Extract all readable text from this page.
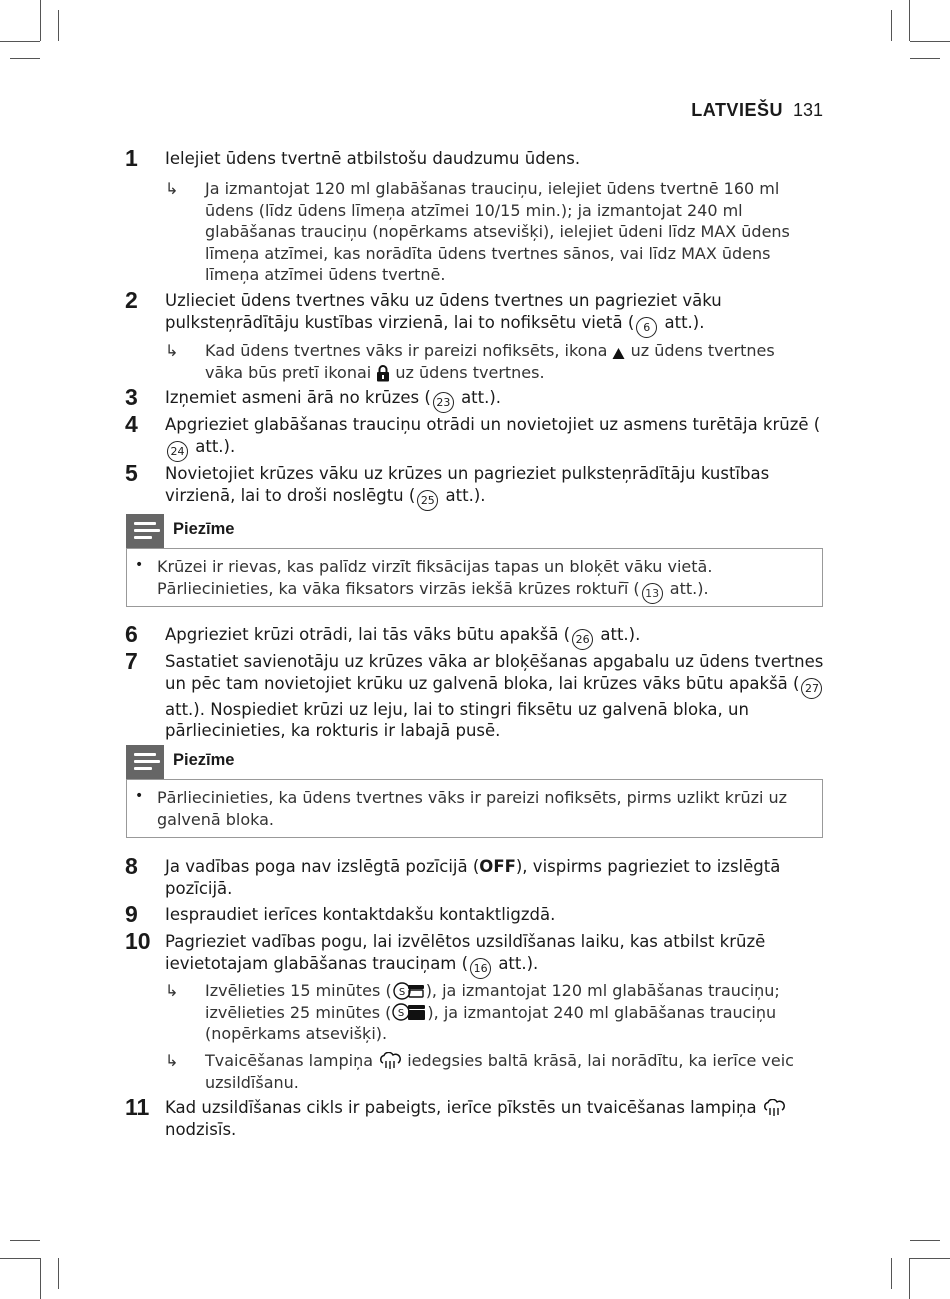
LATVIEŠU 131
1 Ielejiet ūdens tvertnē atbilstošu daudzumu ūdens.
↳ Ja izmantojat 120 ml glabāšanas trauciņu, ielejiet ūdens tvertnē 160 ml ūdens (līdz ūdens līmeņa atzīmei 10/15 min.); ja izmantojat 240 ml glabāšanas trauciņu (nopērkams atsevišķi), ielejiet ūdeni līdz MAX ūdens līmeņa atzīmei, kas norādīta ūdens tvertnes sānos, vai līdz MAX ūdens līmeņa atzīmei ūdens tvertnē.
2 Uzlieciet ūdens tvertnes vāku uz ūdens tvertnes un pagrieziet vāku pulksteņrādītāju kustības virzienā, lai to nofiksētu vietā ( 6 att.).
↳ Kad ūdens tvertnes vāks ir pareizi nofiksēts, ikona  uz ūdens tvertnes vāka būs pretī ikonai  uz ūdens tvertnes.
3 Izņemiet asmeni ārā no krūzes ( 23 att.).
4 Apgrieziet glabāšanas trauciņu otrādi un novietojiet uz asmens turētāja krūzē (24 att.).
5 Novietojiet krūzes vāku uz krūzes un pagrieziet pulksteņrādītāju kustības virzienā, lai to droši noslēgtu ( 25 att.).
Piezīme
• Krūzei ir rievas, kas palīdz virzīt fiksācijas tapas un bloķēt vāku vietā. Pārliecinieties, ka vāka fiksators virzās iekšā krūzes roktur̄ī ( 13 att.).
6 Apgrieziet krūzi otrādi, lai tās vāks būtu apakšā ( 26 att.).
7 Sastatiet savienotāju uz krūzes vāka ar bloķēšanas apgabalu uz ūdens tvertnes un pēc tam novietojiet krūku uz galvenā bloka, lai krūzes vāks būtu apakšā ( 27 att.). Nospiediet krūzi uz leju, lai to stingri fiksētu uz galvenā bloka, un pārliecinieties, ka rokturis ir labajā pusē.
Piezīme
• Pārliecinieties, ka ūdens tvertnes vāks ir pareizi nofiksēts, pirms uzlikt krūzi uz galvenā bloka.
8 Ja vadības poga nav izslēgtā pozīcijā (OFF), vispirms pagrieziet to izslēgtā pozīcijā.
9 Iespraudiet ierīces kontaktdakšu kontaktligzdā.
10 Pagrieziet vadības pogu, lai izvēlētos uzsildīšanas laiku, kas atbilst krūzē ievietotajam glabāšanas trauciņam ( 16 att.).
↳ Izvēlieties 15 minūtes ( S ), ja izmantojat 120 ml glabāšanas trauciņu; izvēlieties 25 minūtes ( S ), ja izmantojat 240 ml glabāšanas trauciņu (nopērkams atsevišķi).
↳ Tvaicēšanas lampiņa  iedegsies baltā krāsā, lai norādītu, ka ierīce veic uzsildīšanu.
11 Kad uzsildīšanas cikls ir pabeigts, ierīce pīkstēs un tvaicēšanas lampiņa  nodzisīs.
